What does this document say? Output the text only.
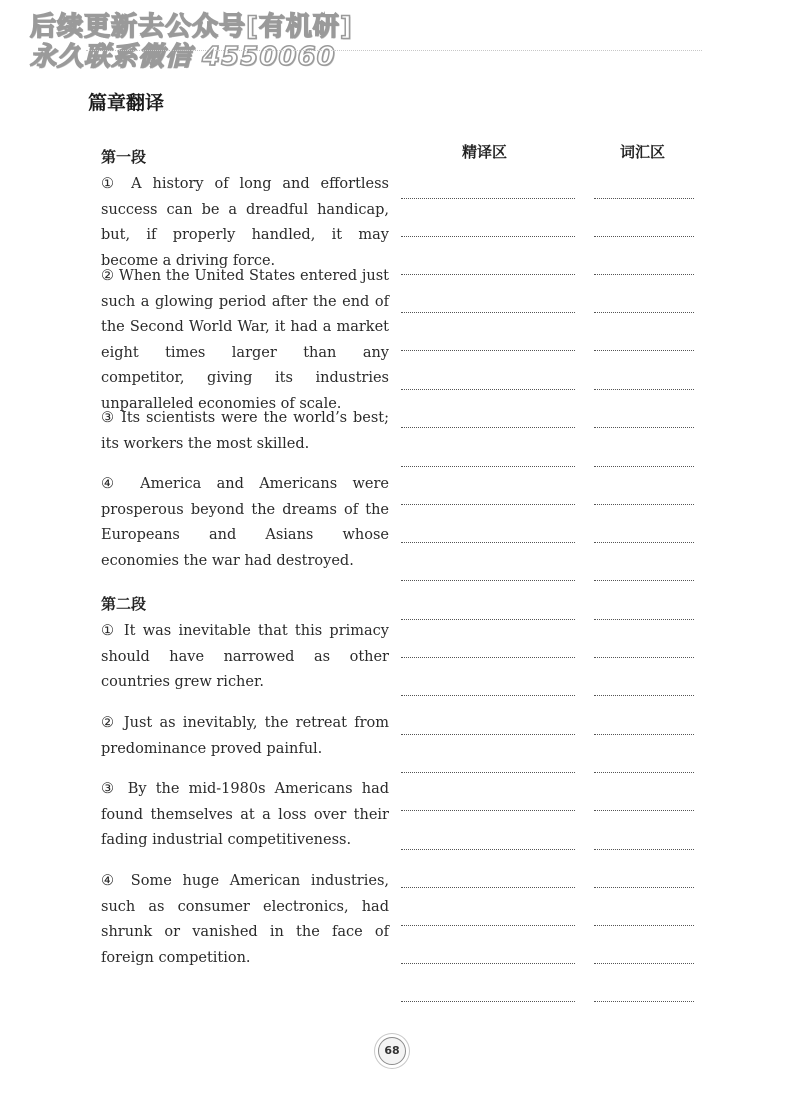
后续更新去公众号[有机研]
永久联系微信 4550060
篇章翻译
精译区	词汇区
第一段

① A history of long and effortless success can be a dreadful handicap, but, if properly handled, it may become a driving force.

② When the United States entered just such a glowing period after the end of the Second World War, it had a market eight times larger than any competitor, giving its industries unparalleled economies of scale.

③ Its scientists were the world’s best; its workers the most skilled.

④ America and Americans were prosperous beyond the dreams of the Europeans and Asians whose economies the war had destroyed.

第二段

① It was inevitable that this primacy should have narrowed as other countries grew richer.

② Just as inevitably, the retreat from predominance proved painful.

③ By the mid-1980s Americans had found themselves at a loss over their fading industrial competitiveness.

④ Some huge American industries, such as consumer electronics, had shrunk or vanished in the face of foreign competition.

68
